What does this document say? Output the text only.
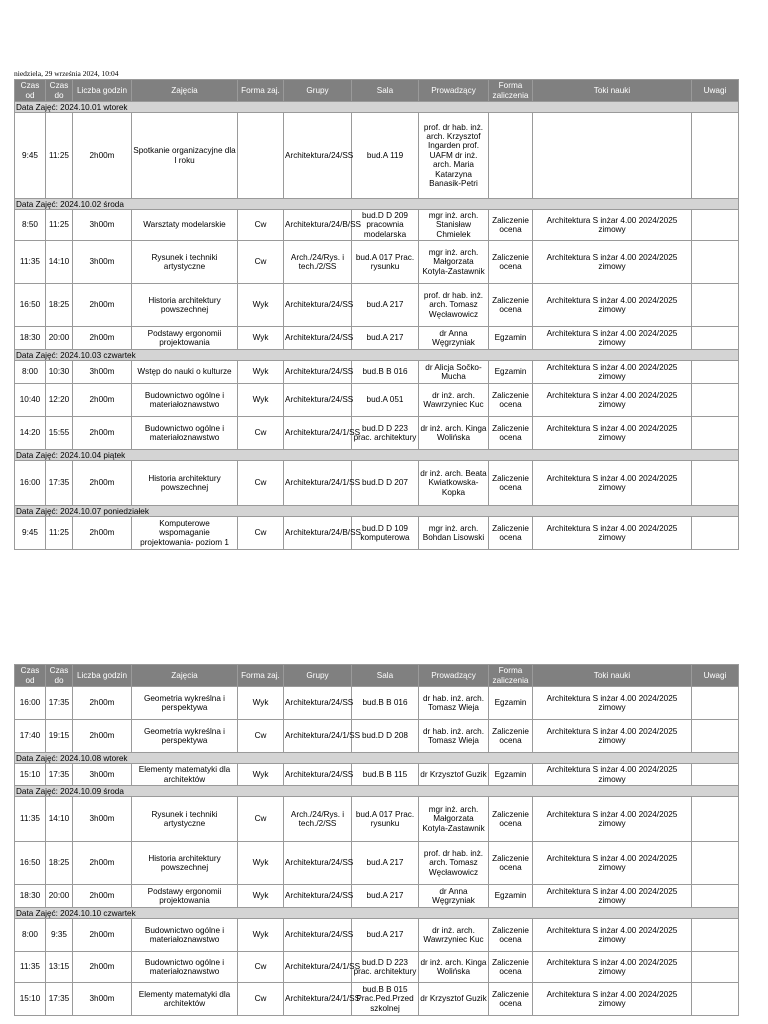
niedziela, 29 września 2024, 10:04
Czas od	Czas do	Liczba godzin	Zajęcia	Forma zaj.	Grupy	Sala	Prowadzący	Forma zaliczenia	Toki nauki	Uwagi
Data Zajęć: 2024.10.01 wtorek										
9:45	11:25	2h00m	Spotkanie organizacyjne dla I roku		Architektura/24/SS	bud.A 119	prof. dr hab. inż. arch. Krzysztof Ingarden prof. UAFM dr inż. arch. Maria Katarzyna Banasik-Petri			
Data Zajęć: 2024.10.02 środa										
8:50	11:25	3h00m	Warsztaty modelarskie	Cw	Architektura/24/B/SS	bud.D D 209 pracownia modelarska	mgr inż. arch. Stanisław Chmielek	Zaliczenie ocena	Architektura S inżar 4.00 2024/2025 zimowy	
11:35	14:10	3h00m	Rysunek i techniki artystyczne	Cw	Arch./24/Rys. i tech./2/SS	bud.A 017 Prac. rysunku	mgr inż. arch. Małgorzata Kotyla-Zastawnik	Zaliczenie ocena	Architektura S inżar 4.00 2024/2025 zimowy	
16:50	18:25	2h00m	Historia architektury powszechnej	Wyk	Architektura/24/SS	bud.A 217	prof. dr hab. inż. arch. Tomasz Węcławowicz	Zaliczenie ocena	Architektura S inżar 4.00 2024/2025 zimowy	
18:30	20:00	2h00m	Podstawy ergonomii projektowania	Wyk	Architektura/24/SS	bud.A 217	dr Anna Węgrzyniak	Egzamin	Architektura S inżar 4.00 2024/2025 zimowy	
Data Zajęć: 2024.10.03 czwartek										
8:00	10:30	3h00m	Wstęp do nauki o kulturze	Wyk	Architektura/24/SS	bud.B B 016	dr Alicja Sočko-Mucha	Egzamin	Architektura S inżar 4.00 2024/2025 zimowy	
10:40	12:20	2h00m	Budownictwo ogólne i materiałoznawstwo	Wyk	Architektura/24/SS	bud.A 051	dr inż. arch. Wawrzyniec Kuc	Zaliczenie ocena	Architektura S inżar 4.00 2024/2025 zimowy	
14:20	15:55	2h00m	Budownictwo ogólne i materiałoznawstwo	Cw	Architektura/24/1/SS	bud.D D 223 prac. architektury	dr inż. arch. Kinga Wolińska	Zaliczenie ocena	Architektura S inżar 4.00 2024/2025 zimowy	
Data Zajęć: 2024.10.04 piątek										
16:00	17:35	2h00m	Historia architektury powszechnej	Cw	Architektura/24/1/SS	bud.D D 207	dr inż. arch. Beata Kwiatkowska-Kopka	Zaliczenie ocena	Architektura S inżar 4.00 2024/2025 zimowy	
Data Zajęć: 2024.10.07 poniedziałek										
9:45	11:25	2h00m	Komputerowe wspomaganie projektowania- poziom 1	Cw	Architektura/24/B/SS	bud.D D 109 komputerowa	mgr inż. arch. Bohdan Lisowski	Zaliczenie ocena	Architektura S inżar 4.00 2024/2025 zimowy	
Czas od	Czas do	Liczba godzin	Zajęcia	Forma zaj.	Grupy	Sala	Prowadzący	Forma zaliczenia	Toki nauki	Uwagi
16:00	17:35	2h00m	Geometria wykreślna i perspektywa	Wyk	Architektura/24/SS	bud.B B 016	dr hab. inż. arch. Tomasz Wieja	Egzamin	Architektura S inżar 4.00 2024/2025 zimowy	
17:40	19:15	2h00m	Geometria wykreślna i perspektywa	Cw	Architektura/24/1/SS	bud.D D 208	dr hab. inż. arch. Tomasz Wieja	Zaliczenie ocena	Architektura S inżar 4.00 2024/2025 zimowy	
Data Zajęć: 2024.10.08 wtorek										
15:10	17:35	3h00m	Elementy matematyki dla architektów	Wyk	Architektura/24/SS	bud.B B 115	dr Krzysztof Guzik	Egzamin	Architektura S inżar 4.00 2024/2025 zimowy	
Data Zajęć: 2024.10.09 środa										
11:35	14:10	3h00m	Rysunek i techniki artystyczne	Cw	Arch./24/Rys. i tech./2/SS	bud.A 017 Prac. rysunku	mgr inż. arch. Małgorzata Kotyla-Zastawnik	Zaliczenie ocena	Architektura S inżar 4.00 2024/2025 zimowy	
16:50	18:25	2h00m	Historia architektury powszechnej	Wyk	Architektura/24/SS	bud.A 217	prof. dr hab. inż. arch. Tomasz Węcławowicz	Zaliczenie ocena	Architektura S inżar 4.00 2024/2025 zimowy	
18:30	20:00	2h00m	Podstawy ergonomii projektowania	Wyk	Architektura/24/SS	bud.A 217	dr Anna Węgrzyniak	Egzamin	Architektura S inżar 4.00 2024/2025 zimowy	
Data Zajęć: 2024.10.10 czwartek										
8:00	9:35	2h00m	Budownictwo ogólne i materiałoznawstwo	Wyk	Architektura/24/SS	bud.A 217	dr inż. arch. Wawrzyniec Kuc	Zaliczenie ocena	Architektura S inżar 4.00 2024/2025 zimowy	
11:35	13:15	2h00m	Budownictwo ogólne i materiałoznawstwo	Cw	Architektura/24/1/SS	bud.D D 223 prac. architektury	dr inż. arch. Kinga Wolińska	Zaliczenie ocena	Architektura S inżar 4.00 2024/2025 zimowy	
15:10	17:35	3h00m	Elementy matematyki dla architektów	Cw	Architektura/24/1/SS	bud.B B 015 Prac.Ped.Przed szkolnej	dr Krzysztof Guzik	Zaliczenie ocena	Architektura S inżar 4.00 2024/2025 zimowy	
